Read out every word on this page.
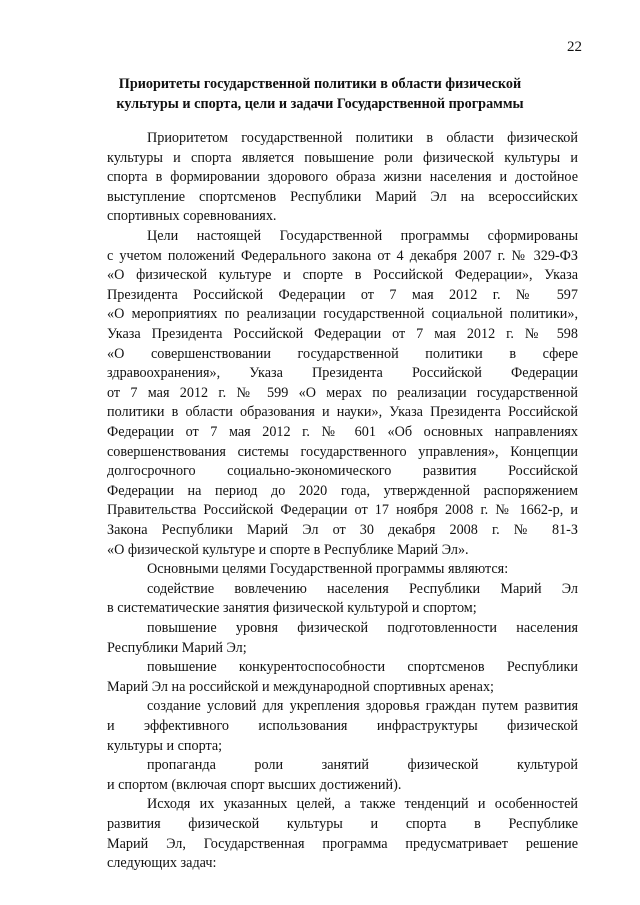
22
Приоритеты государственной политики в области физической
культуры и спорта, цели и задачи Государственной программы
Приоритетом государственной политики в области физической
культуры и спорта является повышение роли физической культуры и
спорта в формировании здорового образа жизни населения и достойное
выступление спортсменов Республики Марий Эл на всероссийских
спортивных соревнованиях.
Цели настоящей Государственной программы сформированы
с учетом положений Федерального закона от 4 декабря 2007 г. № 329-ФЗ
«О физической культуре и спорте в Российской Федерации», Указа
Президента Российской Федерации от 7 мая 2012 г. № 597
«О мероприятиях по реализации государственной социальной политики»,
Указа Президента Российской Федерации от 7 мая 2012 г. № 598
«О совершенствовании государственной политики в сфере
здравоохранения», Указа Президента Российской Федерации
от 7 мая 2012 г. № 599 «О мерах по реализации государственной
политики в области образования и науки», Указа Президента Российской
Федерации от 7 мая 2012 г. № 601 «Об основных направлениях
совершенствования системы государственного управления», Концепции
долгосрочного социально-экономического развития Российской
Федерации на период до 2020 года, утвержденной распоряжением
Правительства Российской Федерации от 17 ноября 2008 г. № 1662-р, и
Закона Республики Марий Эл от 30 декабря 2008 г. № 81-З
«О физической культуре и спорте в Республике Марий Эл».
Основными целями Государственной программы являются:
содействие вовлечению населения Республики Марий Эл
в систематические занятия физической культурой и спортом;
повышение уровня физической подготовленности населения
Республики Марий Эл;
повышение конкурентоспособности спортсменов Республики
Марий Эл на российской и международной спортивных аренах;
создание условий для укрепления здоровья граждан путем развития
и эффективного использования инфраструктуры физической
культуры и спорта;
пропаганда роли занятий физической культурой
и спортом (включая спорт высших достижений).
Исходя их указанных целей, а также тенденций и особенностей
развития физической культуры и спорта в Республике
Марий Эл, Государственная программа предусматривает решение
следующих задач:
